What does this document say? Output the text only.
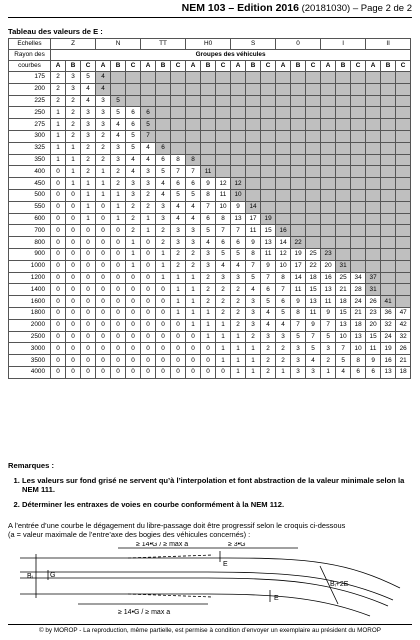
NEM 103 – Edition 2016 (20181030) – Page 2 de 2
Tableau des valeurs de E :
Echelles	Z			N			TT			H0			S			0			I			II		
Rayon des	Groupes des véhicules																							
courbes	A	B	C	A	B	C	A	B	C	A	B	C	A	B	C	A	B	C	A	B	C	A	B	C
175	2	3	5	4																				
200	2	3	4	4																				
225	2	2	4	3	5																			
250	1	2	3	3	5	6	6																	
275	1	2	3	3	4	6	5																	
300	1	2	3	2	4	5	7																	
325	1	1	2	2	3	5	4	6																
350	1	1	2	2	3	4	4	6	8	8														
400	0	1	2	1	2	4	3	5	7	7	11													
450	0	1	1	1	2	3	3	4	6	6	9	12	12											
500	0	0	1	1	1	3	2	4	5	5	8	11	10											
550	0	0	1	0	1	2	2	3	4	4	7	10	9	14										
600	0	0	1	0	1	2	1	3	4	4	6	8	13	17	19									
700	0	0	0	0	0	2	1	2	3	3	5	7	7	11	15	16								
800	0	0	0	0	0	1	0	2	3	3	4	6	6	9	13	14	22							
900	0	0	0	0	0	1	0	1	2	2	3	5	5	8	11	12	19	25	23					
1000	0	0	0	0	0	1	0	1	2	2	3	4	4	7	9	10	17	22	20	31				
1200	0	0	0	0	0	0	0	1	1	1	2	3	3	5	7	8	14	18	16	25	34	37		
1400	0	0	0	0	0	0	0	0	1	1	2	2	2	4	6	7	11	15	13	21	28	31		
1600	0	0	0	0	0	0	0	0	1	1	2	2	2	3	5	6	9	13	11	18	24	26	41	
1800	0	0	0	0	0	0	0	0	1	1	1	2	2	3	4	5	8	11	9	15	21	23	36	47
2000	0	0	0	0	0	0	0	0	0	1	1	1	2	3	4	4	7	9	7	13	18	20	32	42
2500	0	0	0	0	0	0	0	0	0	0	1	1	1	2	3	3	5	7	5	10	13	15	24	32
3000	0	0	0	0	0	0	0	0	0	0	0	1	1	1	2	2	3	5	3	7	10	11	19	26
3500	0	0	0	0	0	0	0	0	0	0	0	1	1	1	2	2	3	4	2	5	8	9	16	21
4000	0	0	0	0	0	0	0	0	0	0	0	0	1	1	2	1	3	3	1	4	6	6	13	18
Remarques :
1. Les valeurs sur fond grisé ne servent qu’à l’interpolation et font abstraction de la valeur minimale selon la NEM 111.
2. Déterminer les entraxes de voies en courbe conformément à la NEM 112.
A l’entrée d’une courbe le dégagement du libre-passage doit être progressif selon le croquis ci-dessous
(a = valeur maximale de l’entre’axe des bogies des véhicules concernés) :
≥ 14•G / ≥ max a	≥ 3•G
E
Bᵢ G
E
≥ 14•G / ≥ max a
Bᵢ+2E
© by MOROP - La reproduction, même partielle, est permise à condition d’envoyer un exemplaire au président du MOROP
